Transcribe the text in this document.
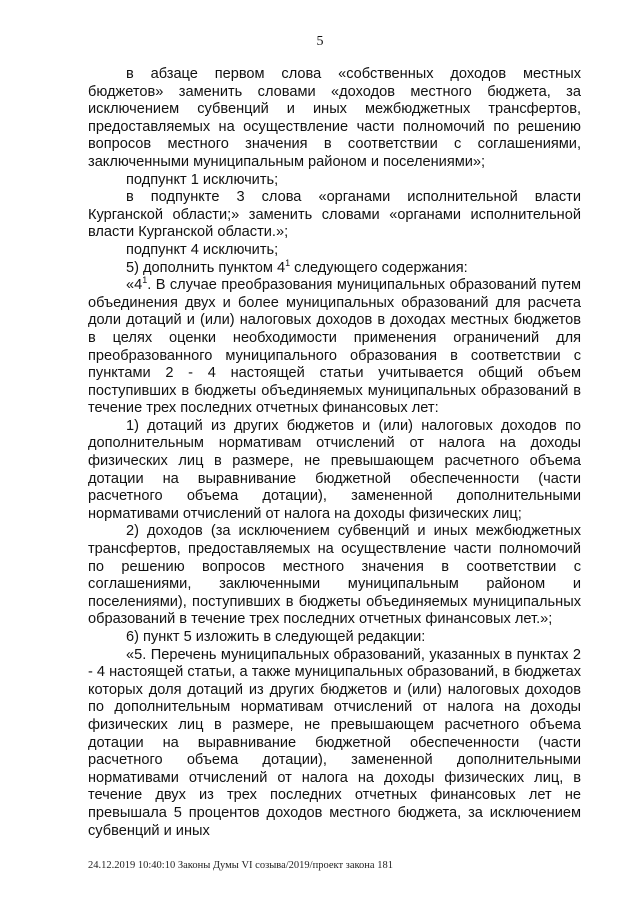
5

в абзаце первом слова «собственных доходов местных бюджетов» заменить словами «доходов местного бюджета, за исключением субвенций и иных межбюджетных трансфертов, предоставляемых на осуществление части полномочий по решению вопросов местного значения в соответствии с соглашениями, заключенными муниципальным районом и поселениями»;

подпункт 1 исключить;

в подпункте 3 слова «органами исполнительной власти Курганской области;» заменить словами «органами исполнительной власти Курганской области.»;

подпункт 4 исключить;

5) дополнить пунктом $4^1$ следующего содержания:

«$4^1$. В случае преобразования муниципальных образований путем объединения двух и более муниципальных образований для расчета доли дотаций и (или) налоговых доходов в доходах местных бюджетов в целях оценки необходимости применения ограничений для преобразованного муниципального образования в соответствии с пунктами 2 - 4 настоящей статьи учитывается общий объем поступивших в бюджеты объединяемых муниципальных образований в течение трех последних отчетных финансовых лет:

1) дотаций из других бюджетов и (или) налоговых доходов по дополнительным нормативам отчислений от налога на доходы физических лиц в размере, не превышающем расчетного объема дотации на выравнивание бюджетной обеспеченности (части расчетного объема дотации), замененной дополнительными нормативами отчислений от налога на доходы физических лиц;

2) доходов (за исключением субвенций и иных межбюджетных трансфертов, предоставляемых на осуществление части полномочий по решению вопросов местного значения в соответствии с соглашениями, заключенными муниципальным районом и поселениями), поступивших в бюджеты объединяемых муниципальных образований в течение трех последних отчетных финансовых лет.»;

6) пункт 5 изложить в следующей редакции:

«5. Перечень муниципальных образований, указанных в пунктах 2 - 4 настоящей статьи, а также муниципальных образований, в бюджетах которых доля дотаций из других бюджетов и (или) налоговых доходов по дополнительным нормативам отчислений от налога на доходы физических лиц в размере, не превышающем расчетного объема дотации на выравнивание бюджетной обеспеченности (части расчетного объема дотации), замененной дополнительными нормативами отчислений от налога на доходы физических лиц, в течение двух из трех последних отчетных финансовых лет не превышала 5 процентов доходов местного бюджета, за исключением субвенций и иных

24.12.2019 10:40:10 Законы Думы VI созыва/2019/проект закона 181
